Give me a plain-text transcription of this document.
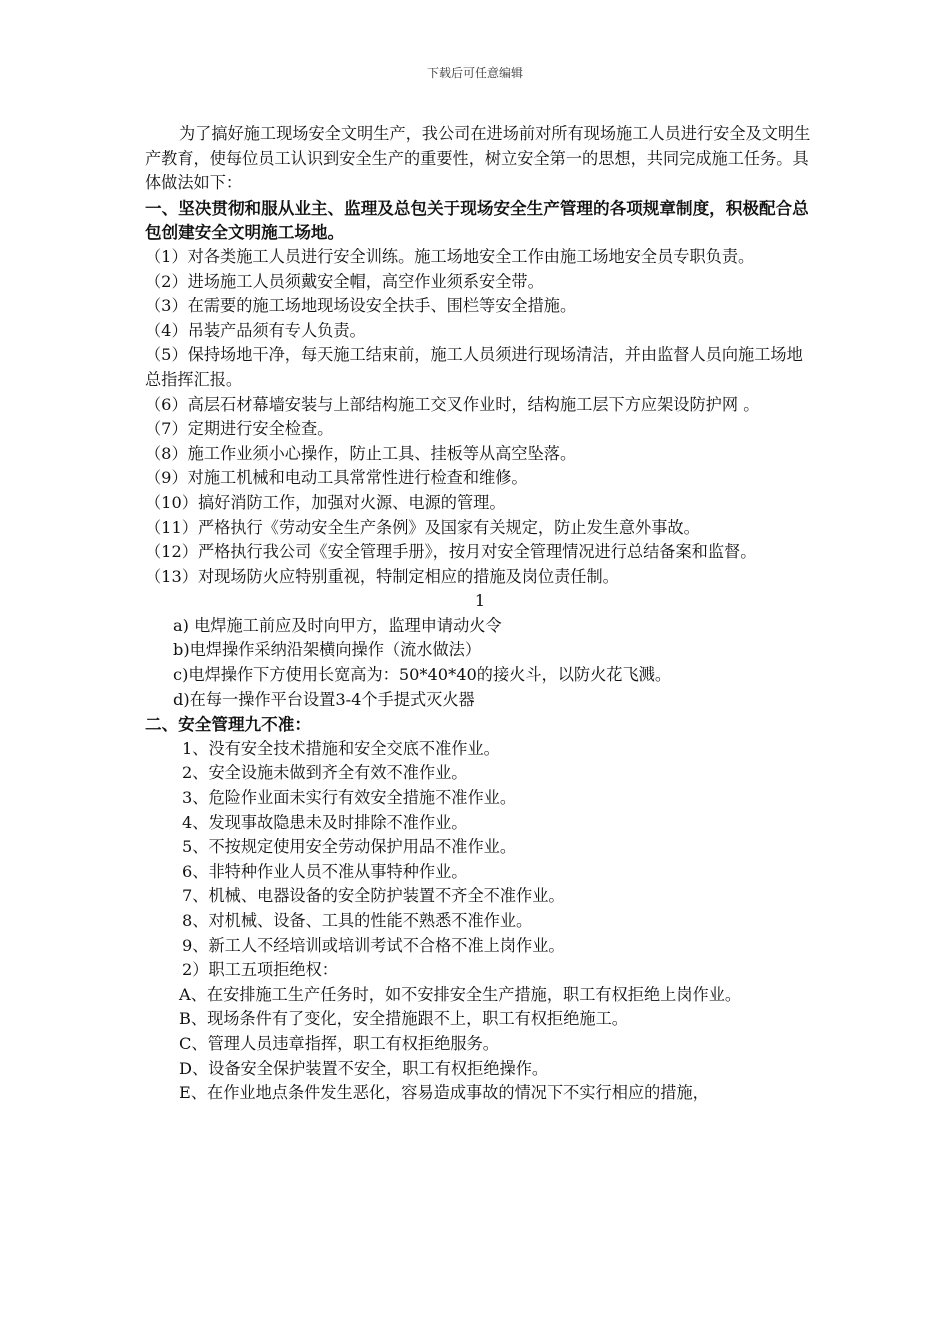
下载后可任意编辑

为了搞好施工现场安全文明生产，我公司在进场前对所有现场施工人员进行安全及文明生产教育，使每位员工认识到安全生产的重要性，树立安全第一的思想，共同完成施工任务。具体做法如下：

一、坚决贯彻和服从业主、监理及总包关于现场安全生产管理的各项规章制度，积极配合总包创建安全文明施工场地。

（1）对各类施工人员进行安全训练。施工场地安全工作由施工场地安全员专职负责。

（2）进场施工人员须戴安全帽，高空作业须系安全带。

（3）在需要的施工场地现场设安全扶手、围栏等安全措施。

（4）吊装产品须有专人负责。

（5）保持场地干净，每天施工结束前，施工人员须进行现场清洁，并由监督人员向施工场地总指挥汇报。

（6）高层石材幕墙安装与上部结构施工交叉作业时，结构施工层下方应架设防护网 。

（7）定期进行安全检查。

（8）施工作业须小心操作，防止工具、挂板等从高空坠落。

（9）对施工机械和电动工具常常性进行检查和维修。

（10）搞好消防工作，加强对火源、电源的管理。

（11）严格执行《劳动安全生产条例》及国家有关规定，防止发生意外事故。

（12）严格执行我公司《安全管理手册》，按月对安全管理情况进行总结备案和监督。

（13）对现场防火应特别重视，特制定相应的措施及岗位责任制。

1

a) 电焊施工前应及时向甲方，监理申请动火令

b)电焊操作采纳沿架横向操作（流水做法）

c)电焊操作下方使用长宽高为：50*40*40的接火斗，以防火花飞溅。

d)在每一操作平台设置3-4个手提式灭火器

二、安全管理九不准：

1、没有安全技术措施和安全交底不准作业。

2、安全设施未做到齐全有效不准作业。

3、危险作业面未实行有效安全措施不准作业。

4、发现事故隐患未及时排除不准作业。

5、不按规定使用安全劳动保护用品不准作业。

6、非特种作业人员不准从事特种作业。

7、机械、电器设备的安全防护装置不齐全不准作业。

8、对机械、设备、工具的性能不熟悉不准作业。

9、新工人不经培训或培训考试不合格不准上岗作业。

2）职工五项拒绝权：

A、在安排施工生产任务时，如不安排安全生产措施，职工有权拒绝上岗作业。

B、现场条件有了变化，安全措施跟不上，职工有权拒绝施工。

C、管理人员违章指挥，职工有权拒绝服务。

D、设备安全保护装置不安全，职工有权拒绝操作。

E、在作业地点条件发生恶化，容易造成事故的情况下不实行相应的措施，
